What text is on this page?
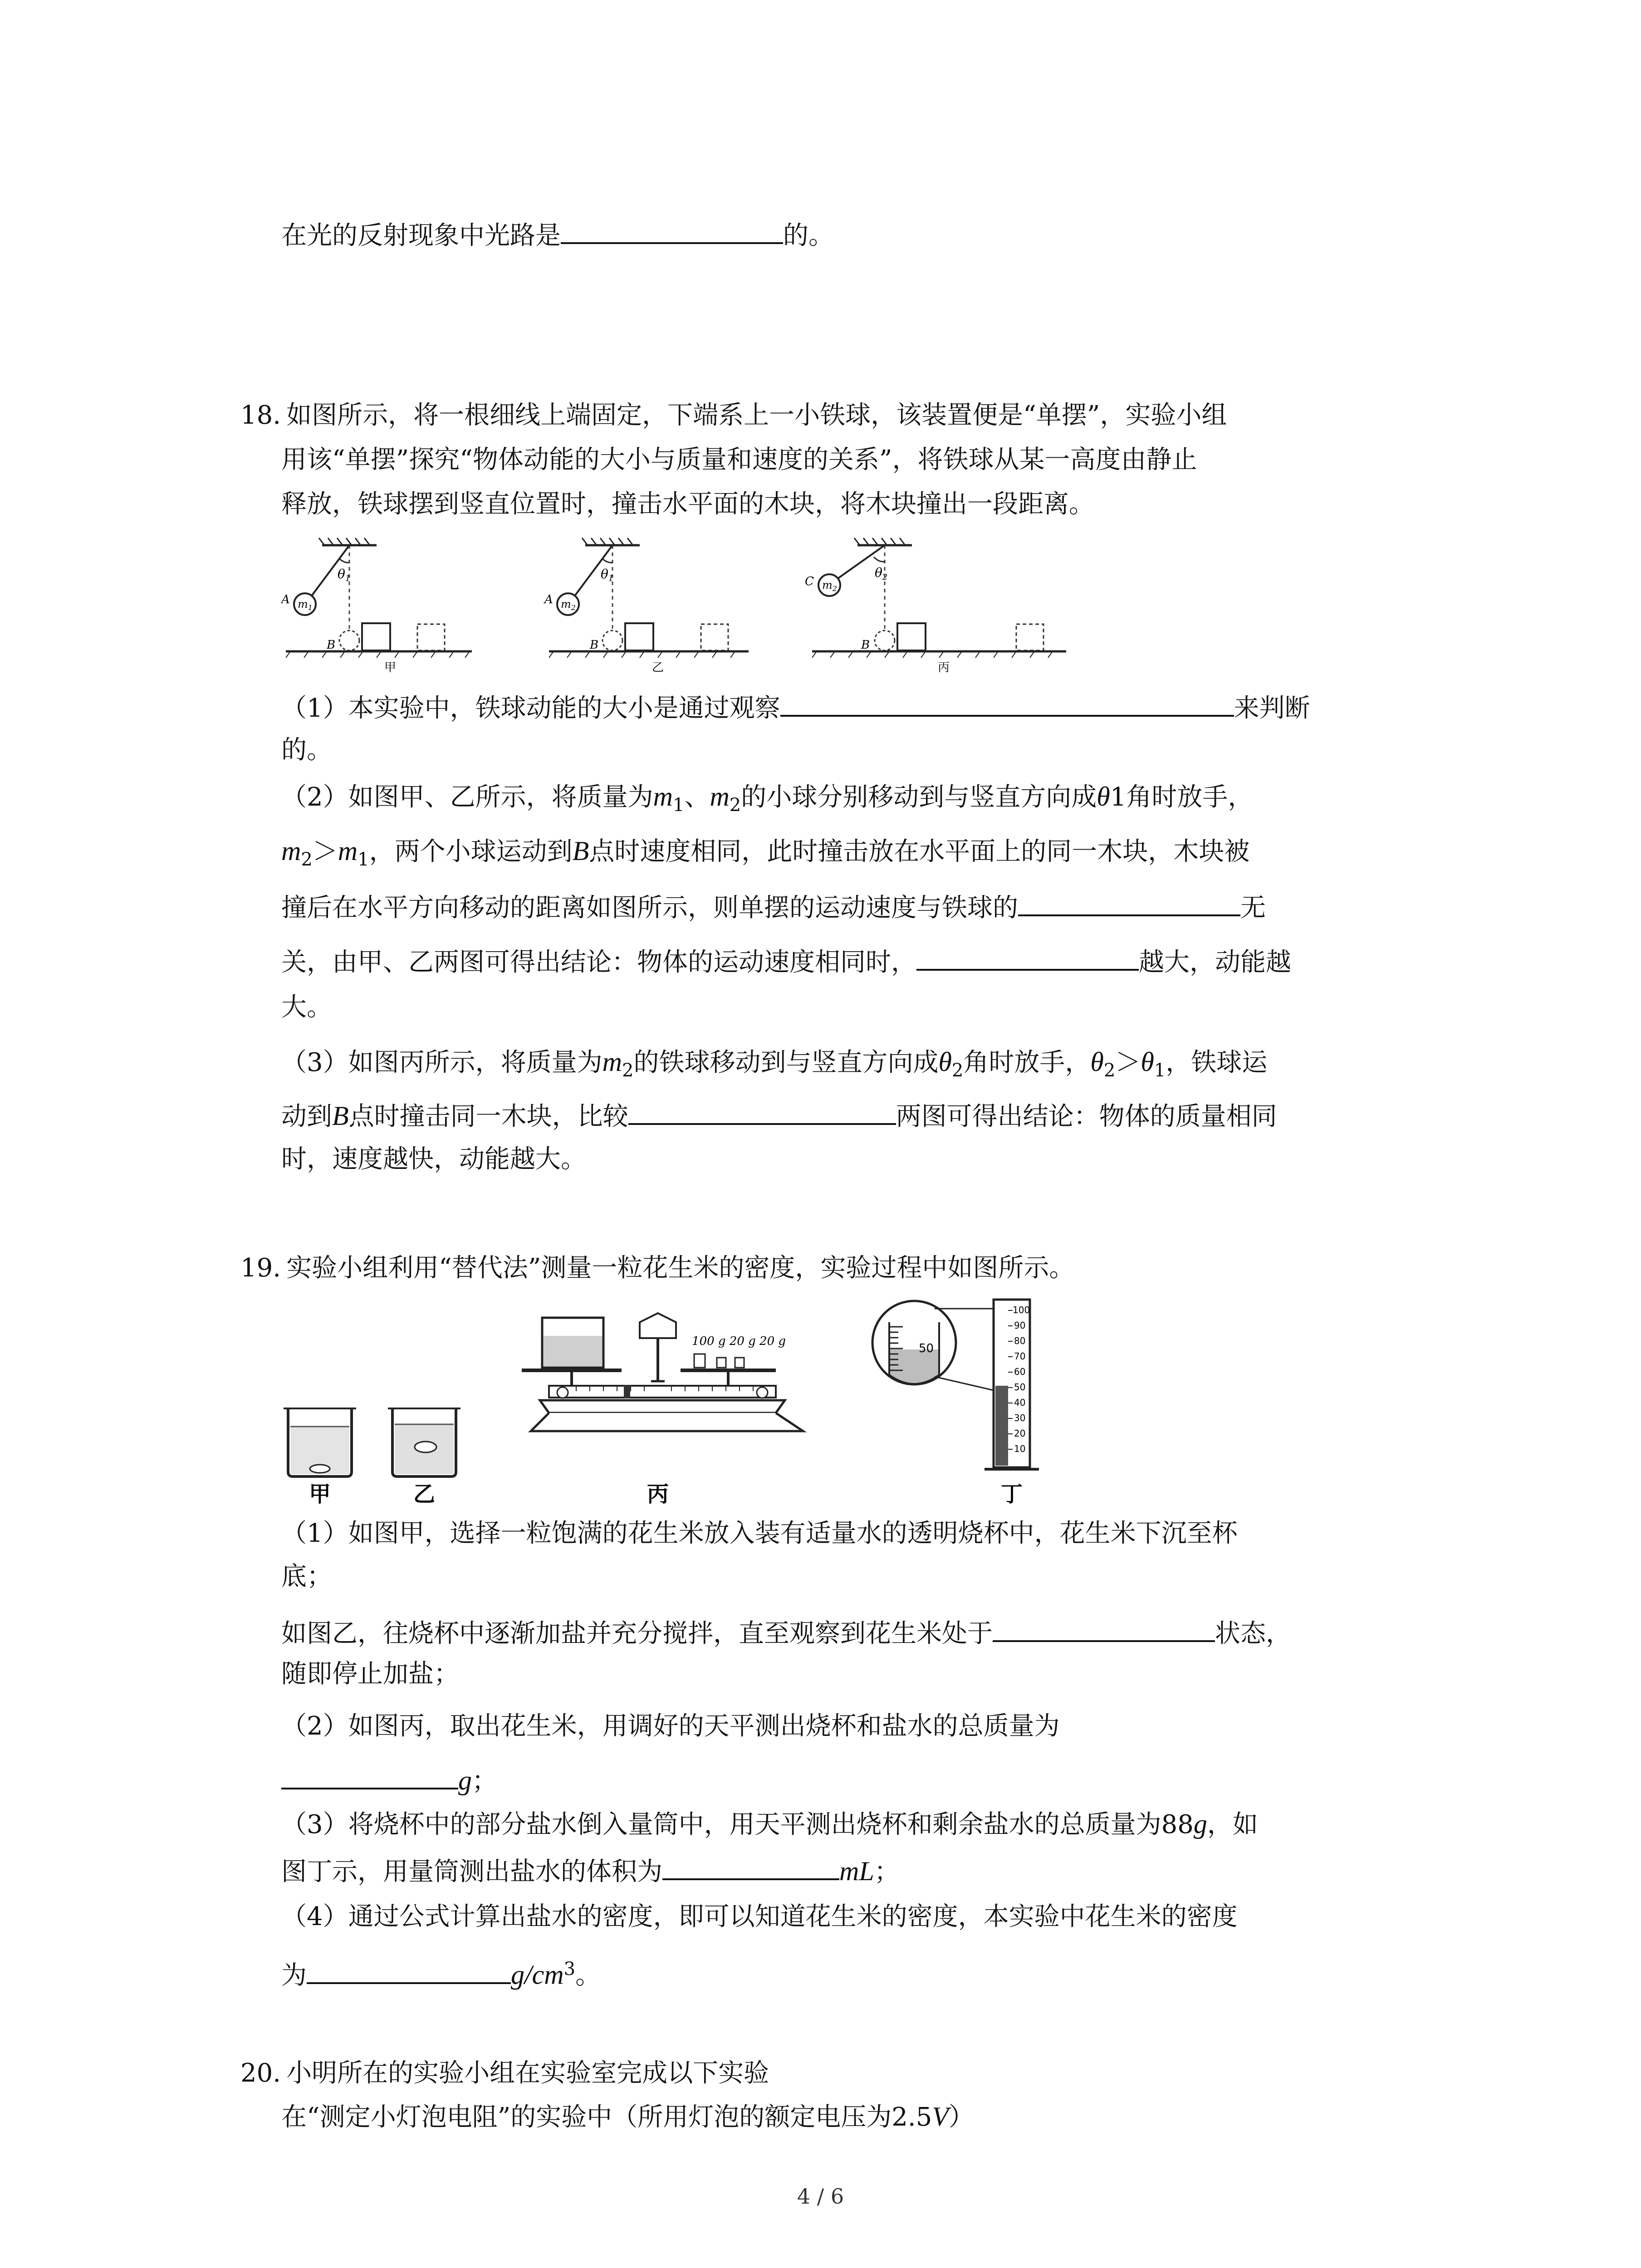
在光的反射现象中光路是	的。
18. 如图所示，将一根细线上端固定，下端系上一小铁球，该装置便是“单摆”，实验小组
用该“单摆”探究“物体动能的大小与质量和速度的关系”，将铁球从某一高度由静止
释放，铁球摆到竖直位置时，撞击水平面的木块，将木块撞出一段距离。
$\theta_1$
$m_1$
A
B
甲
$\theta_1$
$m_2$
A
B
乙
$\theta_2$
$m_2$
C
B
丙
（1）本实验中，铁球动能的大小是通过观察	来判断
的。
（2）如图甲、乙所示，将质量为$m_1$、$m_2$的小球分别移动到与竖直方向成θ1角时放手，
$m_2>m_1$，两个小球运动到B点时速度相同，此时撞击放在水平面上的同一木块，木块被
撞后在水平方向移动的距离如图所示，则单摆的运动速度与铁球的	无
关，由甲、乙两图可得出结论：物体的运动速度相同时，	越大，动能越
大。
（3）如图丙所示，将质量为$m_2$的铁球移动到与竖直方向成$\theta_2$角时放手，$\theta_2>\theta_1$，铁球运
动到B点时撞击同一木块，比较	两图可得出结论：物体的质量相同
时，速度越快，动能越大。
19. 实验小组利用“替代法”测量一粒花生米的密度，实验过程中如图所示。
甲	乙
100 g 20 g 20 g
丙
50
100
90
80
70
60
50
40
30
20
10
丁
（1）如图甲，选择一粒饱满的花生米放入装有适量水的透明烧杯中，花生米下沉至杯
底；
如图乙，往烧杯中逐渐加盐并充分搅拌，直至观察到花生米处于	状态，
随即停止加盐；
（2）如图丙，取出花生米，用调好的天平测出烧杯和盐水的总质量为
g；
（3）将烧杯中的部分盐水倒入量筒中，用天平测出烧杯和剩余盐水的总质量为88g，如
图丁示，用量筒测出盐水的体积为	mL；
（4）通过公式计算出盐水的密度，即可以知道花生米的密度，本实验中花生米的密度
为	$g/cm^3$。
20. 小明所在的实验小组在实验室完成以下实验
在“测定小灯泡电阻”的实验中（所用灯泡的额定电压为2.5V）
4 / 6
